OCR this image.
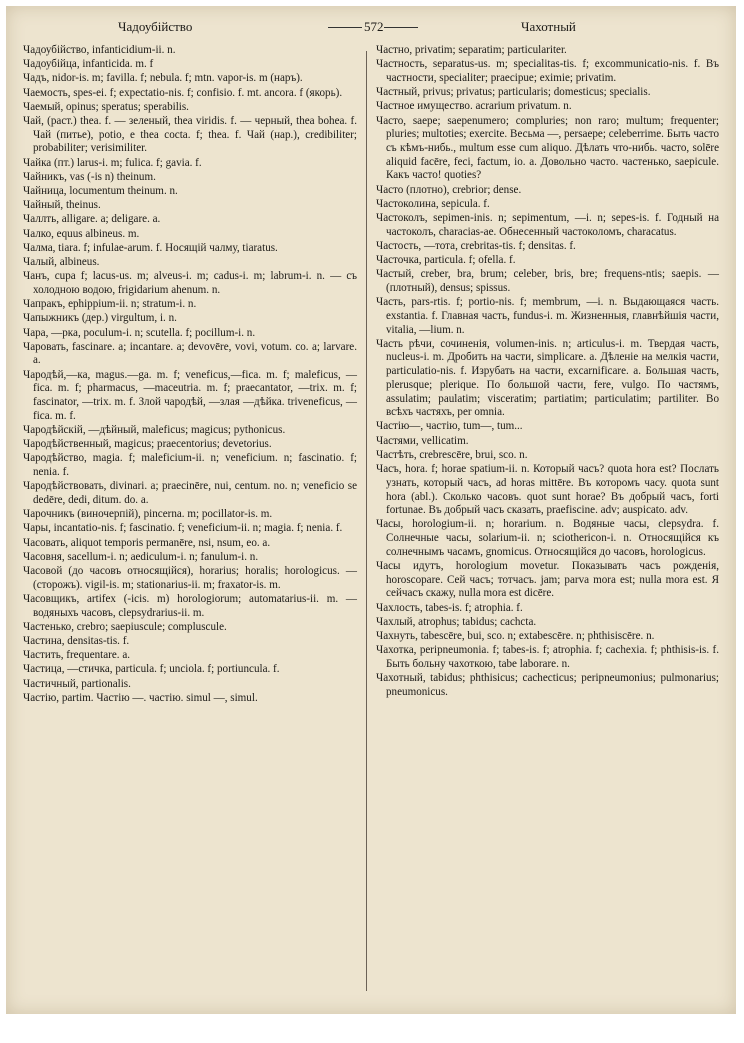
Чадоубійство	572	Чахотный

Чадоубійство, infanticidium-ii. n.

Чадоубійца, infanticida. m. f

Чадъ, nidor-is. m; favilla. f; nebula. f; mtn. vapor-is. m (наръ).

Чаемость, spes-ei. f; expectatio-nis. f; confisio. f. mt. ancora. f (якорь).

Чаемый, opinus; speratus; sperabilis.

Чай, (раст.) thea. f. — зеленый, thea viridis. f. — черный, thea bohea. f. Чай (питье), potio, e thea cocta. f; thea. f. Чай (нар.), credibiliter; probabiliter; verisimiliter.

Чайка (пт.) larus-i. m; fulica. f; gavia. f.

Чайникъ, vas (-is n) theinum.

Чайница, locumentum theinum. n.

Чайный, theinus.

Чаллть, alligare. a; deligare. a.

Чалко, equus albineus. m.

Чалма, tiara. f; infulae-arum. f. Носящій чалму, tiaratus.

Чалый, albineus.

Чанъ, cupa f; lacus-us. m; alveus-i. m; cadus-i. m; labrum-i. n. — съ холодною водою, frigidarium ahenum. n.

Чапракъ, ephippium-ii. n; stratum-i. n.

Чапыжникъ (дер.) virgultum, i. n.

Чара, —рка, poculum-i. n; scutella. f; pocillum-i. n.

Чаровать, fascinare. a; incantare. a; devovēre, vovi, votum. co. a; larvare. a.

Чародѣй,—ка, magus.—ga. m. f; veneficus,—fica. m. f; maleficus, —fica. m. f; pharmacus, —maceutria. m. f; praecantator, —trix. m. f; fascinator, —trix. m. f. Злой чародѣй, —злая —дѣйка. triveneficus, —fica. m. f.

Чародѣйскій, —дѣйный, maleficus; magicus; pythonicus.

Чародѣйственный, magicus; praecentorius; devetorius.

Чародѣйство, magia. f; maleficium-ii. n; veneficium. n; fascinatio. f; nenia. f.

Чародѣйствовать, divinari. a; praecinēre, nui, centum. no. n; veneficio se dedēre, dedi, ditum. do. a.

Чарочникъ (виночерпій), pincerna. m; pocillator-is. m.

Чары, incantatio-nis. f; fascinatio. f; veneficium-ii. n; magia. f; nenia. f.

Часовать, aliquot temporis permanēre, nsi, nsum, eo. a.

Часовня, sacellum-i. n; aediculum-i. n; fanulum-i. n.

Часовой (до часовъ относящійся), horarius; horalis; horologicus. — (сторожъ). vigil-is. m; stationarius-ii. m; fraxator-is. m.

Часовщикъ, artifex (-icis. m) horologiorum; automatarius-ii. m. — водяныхъ часовъ, clepsydrarius-ii. m.

Частенько, crebro; saepiuscule; compluscule.

Частина, densitas-tis. f.

Частить, frequentare. a.

Частица, —стичка, particula. f; unciola. f; portiuncula. f.

Частичный, partionalis.

Частію, partim. Частію —. частію. simul —, simul.

Частно, privatim; separatim; particulariter.

Частность, separatus-us. m; specialitas-tis. f; excommunicatio-nis. f. Въ частности, specialiter; praecipue; eximie; privatim.

Частный, privus; privatus; particularis; domesticus; specialis.

Частное имущество. acrarium privatum. n.

Часто, saepe; saepenumero; compluries; non raro; multum; frequenter; pluries; multoties; exercite. Весьма —, persaepe; celeberrime. Быть часто съ кѣмъ-нибь., multum esse cum aliquo. Дѣлать что-нибь. часто, solēre aliquid facēre, feci, factum, io. a. Довольно часто. частенько, saepicule. Какъ часто! quoties?

Часто (плотно), crebrior; dense.

Частоколина, sepicula. f.

Частоколъ, sepimen-inis. n; sepimentum, —i. n; sepes-is. f. Годный на частоколъ, characias-ae. Обнесенный частоколомъ, characatus.

Частость, —тота, crebritas-tis. f; densitas. f.

Часточка, particula. f; ofella. f.

Частый, creber, bra, brum; celeber, bris, bre; frequens-ntis; saepis. — (плотный), densus; spissus.

Часть, pars-rtis. f; portio-nis. f; membrum, —i. n. Выдающаяся часть. exstantia. f. Главная часть, fundus-i. m. Жизненныя, главнѣйшія части, vitalia, —lium. n.

Часть рѣчи, сочиненія, volumen-inis. n; articulus-i. m. Твердая часть, nucleus-i. m. Дробить на части, simplicare. a. Дѣленіе на мелкія части, particulatio-nis. f. Изрубать на части, excarnificare. a. Большая часть, plerusque; plerique. По большой части, fere, vulgo. По частямъ, assulatim; paulatim; visceratim; partiatim; particulatim; partiliter. Во всѣхъ частяхъ, per omnia.

Частію—, частію, tum—, tum...

Частями, vellicatim.

Частѣть, crebrescēre, brui, sco. n.

Часъ, hora. f; horae spatium-ii. n. Который часъ? quota hora est? Послать узнать, который часъ, ad horas mittēre. Въ которомъ часу. quota sunt hora (abl.). Сколько часовъ. quot sunt horae? Въ добрый часъ, forti fortunae. Въ добрый часъ сказать, praefiscine. adv; auspicato. adv.

Часы, horologium-ii. n; horarium. n. Водяные часы, clepsydra. f. Солнечные часы, solarium-ii. n; sciothericon-i. n. Относящійся къ солнечнымъ часамъ, gnomicus. Относящійся до часовъ, horologicus.

Часы идутъ, horologium movetur. Показывать часъ рожденія, horoscopare. Сей часъ; тотчасъ. jam; parva mora est; nulla mora est. Я сейчасъ скажу, nulla mora est dicēre.

Чахлость, tabes-is. f; atrophia. f.

Чахлый, atrophus; tabidus; cachcta.

Чахнуть, tabescēre, bui, sco. n; extabescēre. n; phthisiscēre. n.

Чахотка, peripneumonia. f; tabes-is. f; atrophia. f; cachexia. f; phthisis-is. f. Быть больну чахоткою, tabe laborare. n.

Чахотный, tabidus; phthisicus; cachecticus; peripneumonius; pulmonarius; pneumonicus.
